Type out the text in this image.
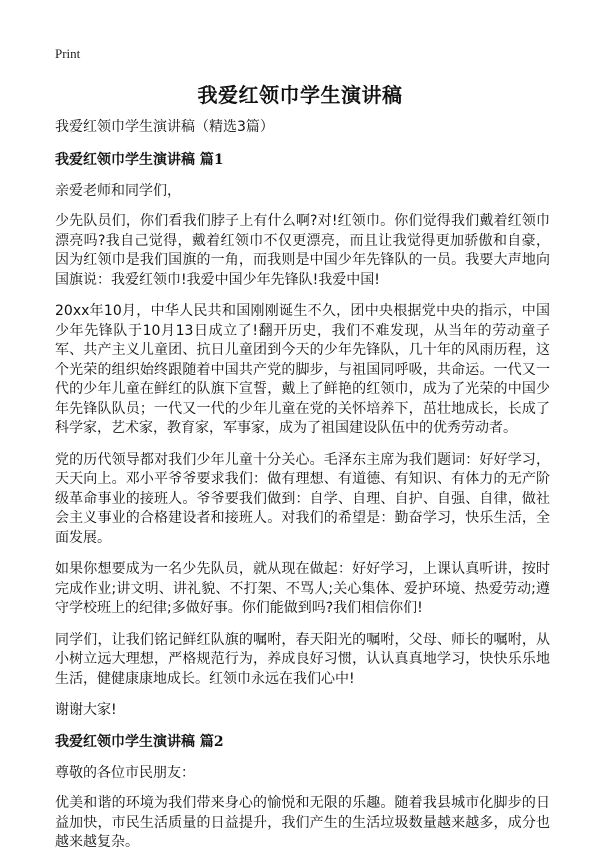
Print
我爱红领巾学生演讲稿

我爱红领巾学生演讲稿（精选3篇）

我爱红领巾学生演讲稿 篇1

亲爱老师和同学们，

少先队员们，你们看我们脖子上有什么啊?对!红领巾。你们觉得我们戴着红领巾漂亮吗?我自己觉得，戴着红领巾不仅更漂亮，而且让我觉得更加骄傲和自豪，因为红领巾是我们国旗的一角，而我则是中国少年先锋队的一员。我要大声地向国旗说：我爱红领巾!我爱中国少年先锋队!我爱中国!

20xx年10月，中华人民共和国刚刚诞生不久，团中央根据党中央的指示，中国少年先锋队于10月13日成立了!翻开历史，我们不难发现，从当年的劳动童子军、共产主义儿童团、抗日儿童团到今天的少年先锋队，几十年的风雨历程，这个光荣的组织始终跟随着中国共产党的脚步，与祖国同呼吸，共命运。一代又一代的少年儿童在鲜红的队旗下宣誓，戴上了鲜艳的红领巾，成为了光荣的中国少年先锋队队员；一代又一代的少年儿童在党的关怀培养下，茁壮地成长，长成了科学家，艺术家，教育家，军事家，成为了祖国建设队伍中的优秀劳动者。

党的历代领导都对我们少年儿童十分关心。毛泽东主席为我们题词：好好学习，天天向上。邓小平爷爷要求我们：做有理想、有道德、有知识、有体力的无产阶级革命事业的接班人。爷爷要我们做到：自学、自理、自护、自强、自律，做社会主义事业的合格建设者和接班人。对我们的希望是：勤奋学习，快乐生活，全面发展。

如果你想要成为一名少先队员，就从现在做起：好好学习，上课认真听讲，按时完成作业;讲文明、讲礼貌、不打架、不骂人;关心集体、爱护环境、热爱劳动;遵守学校班上的纪律;多做好事。你们能做到吗?我们相信你们!

同学们，让我们铭记鲜红队旗的嘱咐，春天阳光的嘱咐，父母、师长的嘱咐，从小树立远大理想，严格规范行为，养成良好习惯，认认真真地学习，快快乐乐地生活，健健康康地成长。红领巾永远在我们心中!

谢谢大家!

我爱红领巾学生演讲稿 篇2

尊敬的各位市民朋友：

优美和谐的环境为我们带来身心的愉悦和无限的乐趣。随着我县城市化脚步的日益加快，市民生活质量的日益提升，我们产生的生活垃圾数量越来越多，成分也越来越复杂。
